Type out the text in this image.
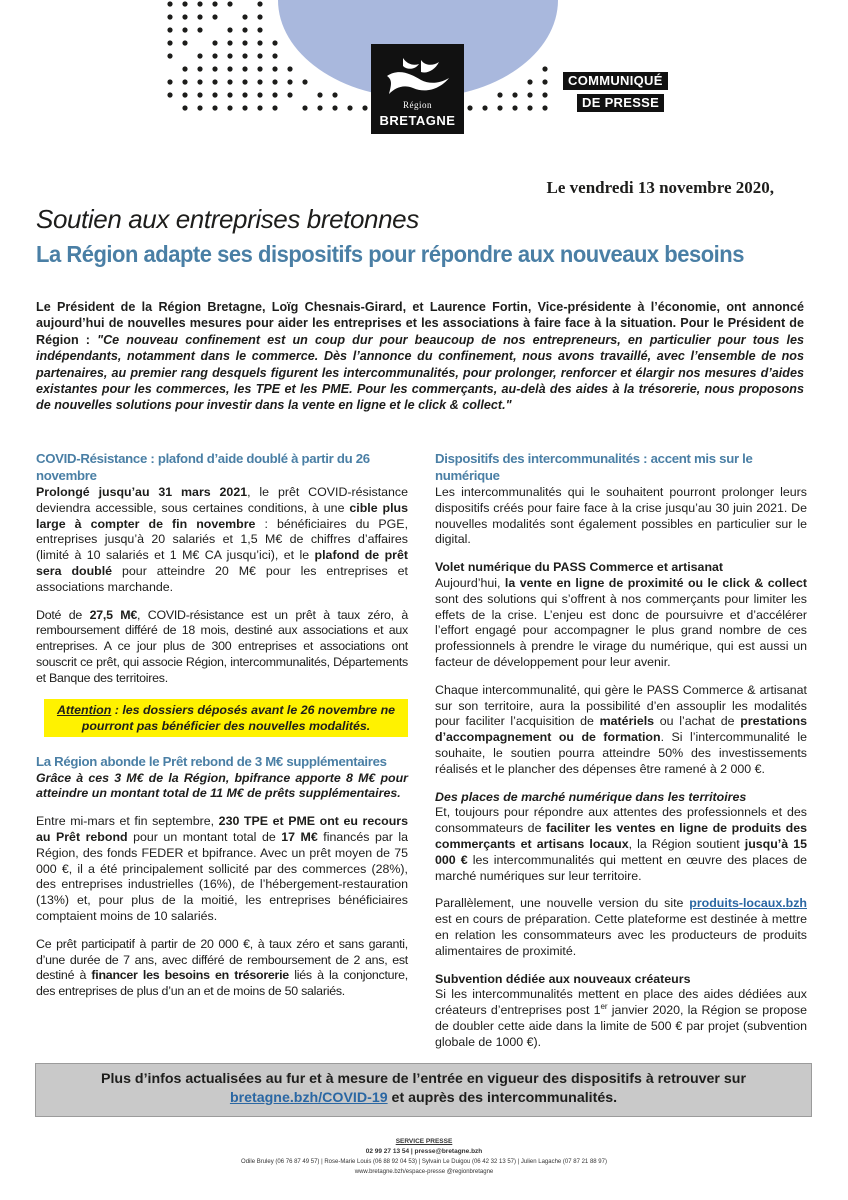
Région
BRETAGNE
COMMUNIQUÉ
DE PRESSE
Le vendredi 13 novembre 2020,
Soutien aux entreprises bretonnes
La Région adapte ses dispositifs pour répondre aux nouveaux besoins
Le Président de la Région Bretagne, Loïg Chesnais-Girard, et Laurence Fortin, Vice-présidente à l’économie, ont annoncé aujourd’hui de nouvelles mesures pour aider les entreprises et les associations à faire face à la situation. Pour le Président de Région : "Ce nouveau confinement est un coup dur pour beaucoup de nos entrepreneurs, en particulier pour tous les indépendants, notamment dans le commerce. Dès l’annonce du confinement, nous avons travaillé, avec l’ensemble de nos partenaires, au premier rang desquels figurent les intercommunalités, pour prolonger, renforcer et élargir nos mesures d’aides existantes pour les commerces, les TPE et les PME. Pour les commerçants, au-delà des aides à la trésorerie, nous proposons de nouvelles solutions pour investir dans la vente en ligne et le click & collect."
COVID-Résistance : plafond d’aide doublé à partir du 26 novembre
Prolongé jusqu’au 31 mars 2021, le prêt COVID-résistance deviendra accessible, sous certaines conditions, à une cible plus large à compter de fin novembre : bénéficiaires du PGE, entreprises jusqu’à 20 salariés et 1,5 M€ de chiffres d’affaires (limité à 10 salariés et 1 M€ CA jusqu’ici), et le plafond de prêt sera doublé pour atteindre 20 M€ pour les entreprises et associations marchande.
Doté de 27,5 M€, COVID-résistance est un prêt à taux zéro, à remboursement différé de 18 mois, destiné aux associations et aux entreprises. A ce jour plus de 300 entreprises et associations ont souscrit ce prêt, qui associe Région, intercommunalités, Départements et Banque des territoires.
Attention : les dossiers déposés avant le 26 novembre ne pourront pas bénéficier des nouvelles modalités.
La Région abonde le Prêt rebond de 3 M€ supplémentaires
Grâce à ces 3 M€ de la Région, bpifrance apporte 8 M€ pour atteindre un montant total de 11 M€ de prêts supplémentaires.
Entre mi-mars et fin septembre, 230 TPE et PME ont eu recours au Prêt rebond pour un montant total de 17 M€ financés par la Région, des fonds FEDER et bpifrance. Avec un prêt moyen de 75 000 €, il a été principalement sollicité par des commerces (28%), des entreprises industrielles (16%), de l’hébergement-restauration (13%) et, pour plus de la moitié, les entreprises bénéficiaires comptaient moins de 10 salariés.
Ce prêt participatif à partir de 20 000 €, à taux zéro et sans garanti, d’une durée de 7 ans, avec différé de remboursement de 2 ans, est destiné à financer les besoins en trésorerie liés à la conjoncture, des entreprises de plus d’un an et de moins de 50 salariés.
Dispositifs des intercommunalités : accent mis sur le numérique
Les intercommunalités qui le souhaitent pourront prolonger leurs dispositifs créés pour faire face à la crise jusqu’au 30 juin 2021. De nouvelles modalités sont également possibles en particulier sur le digital.
Volet numérique du PASS Commerce et artisanat
Aujourd’hui, la vente en ligne de proximité ou le click & collect sont des solutions qui s’offrent à nos commerçants pour limiter les effets de la crise. L’enjeu est donc de poursuivre et d’accélérer l’effort engagé pour accompagner le plus grand nombre de ces professionnels à prendre le virage du numérique, qui est aussi un facteur de développement pour leur avenir.
Chaque intercommunalité, qui gère le PASS Commerce & artisanat sur son territoire, aura la possibilité d’en assouplir les modalités pour faciliter l’acquisition de matériels ou l’achat de prestations d’accompagnement ou de formation. Si l’intercommunalité le souhaite, le soutien pourra atteindre 50% des investissements réalisés et le plancher des dépenses être ramené à 2 000 €.
Des places de marché numérique dans les territoires
Et, toujours pour répondre aux attentes des professionnels et des consommateurs de faciliter les ventes en ligne de produits des commerçants et artisans locaux, la Région soutient jusqu’à 15 000 € les intercommunalités qui mettent en œuvre des places de marché numériques sur leur territoire.
Parallèlement, une nouvelle version du site produits-locaux.bzh est en cours de préparation. Cette plateforme est destinée à mettre en relation les consommateurs avec les producteurs de produits alimentaires de proximité.
Subvention dédiée aux nouveaux créateurs
Si les intercommunalités mettent en place des aides dédiées aux créateurs d’entreprises post 1er janvier 2020, la Région se propose de doubler cette aide dans la limite de 500 € par projet (subvention globale de 1000 €).
Plus d’infos actualisées au fur et à mesure de l’entrée en vigueur des dispositifs à retrouver sur
bretagne.bzh/COVID-19 et auprès des intercommunalités.
SERVICE PRESSE
02 99 27 13 54 | presse@bretagne.bzh
Odile Bruley (06 76 87 49 57) | Rose-Marie Louis (06 88 92 04 53) | Sylvain Le Duigou (06 42 32 13 57) | Julien Lagache (07 87 21 88 97)
www.bretagne.bzh/espace-presse @regionbretagne
